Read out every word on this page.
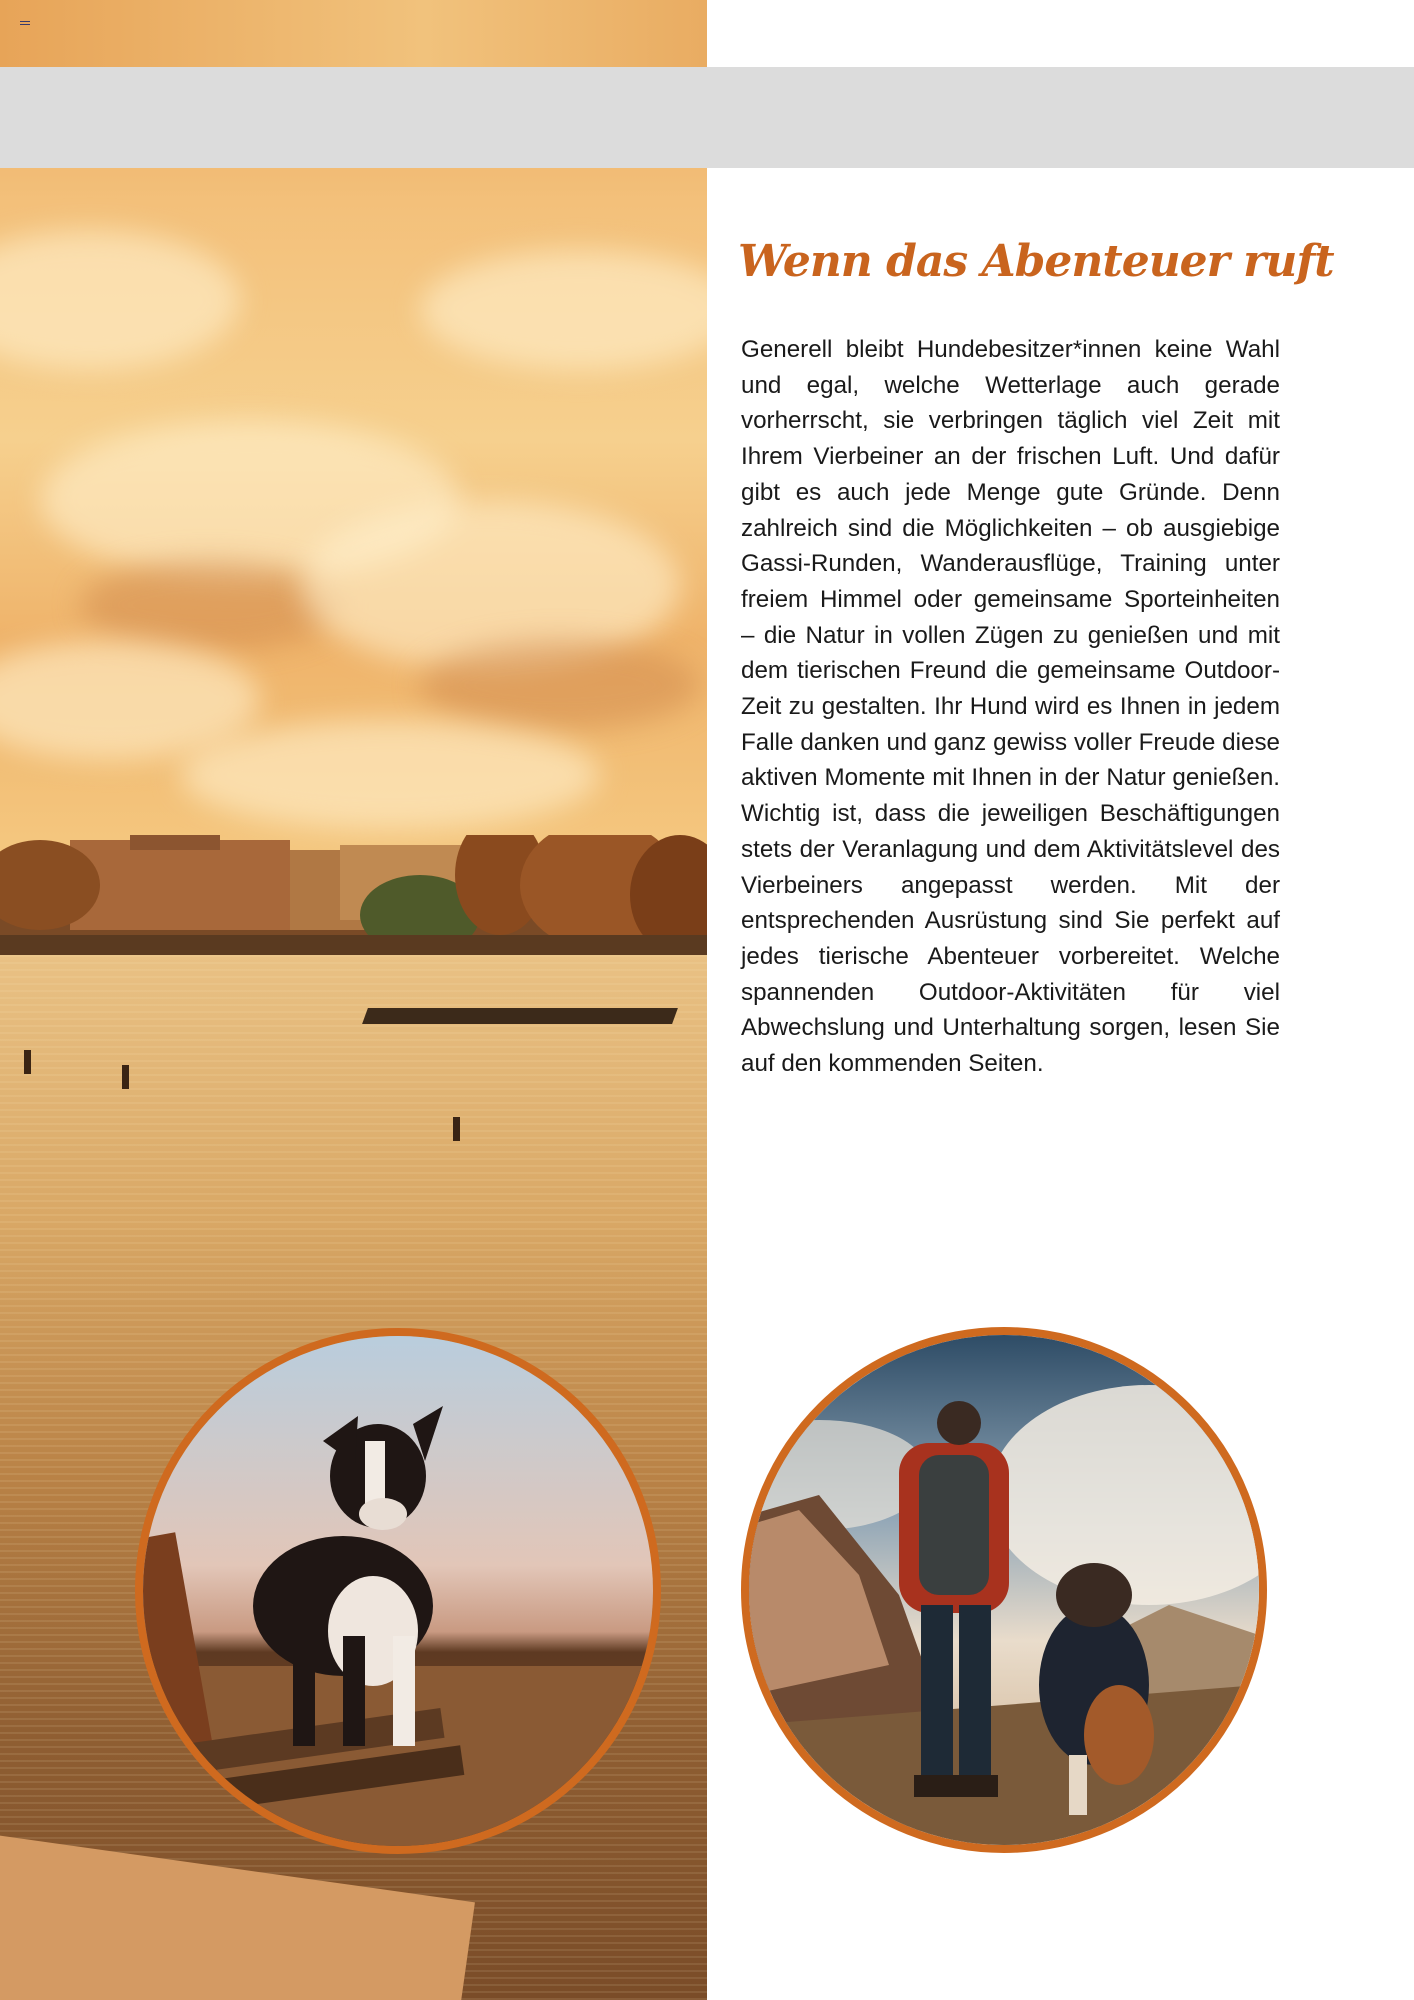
Wenn das Abenteuer ruft

Generell bleibt Hundebesitzer*innen keine Wahl und egal, welche Wetterlage auch gerade vorherrscht, sie verbringen täglich viel Zeit mit Ihrem Vierbeiner an der frischen Luft. Und dafür gibt es auch jede Menge gute Gründe. Denn zahlreich sind die Möglichkeiten – ob ausgiebige Gassi-Runden, Wanderausflüge, Training unter freiem Himmel oder gemeinsame Sporteinheiten – die Natur in vollen Zügen zu genießen und mit dem tierischen Freund die gemeinsame Outdoor-Zeit zu gestalten. Ihr Hund wird es Ihnen in jedem Falle danken und ganz gewiss voller Freude diese aktiven Momente mit Ihnen in der Natur genießen. Wichtig ist, dass die jeweiligen Beschäftigungen stets der Veranlagung und dem Aktivitätslevel des Vierbeiners angepasst werden. Mit der entsprechenden Ausrüstung sind Sie perfekt auf jedes tierische Abenteuer vorbereitet. Welche spannenden Outdoor-Aktivitäten für viel Abwechslung und Unterhaltung sorgen, lesen Sie auf den kommenden Seiten.
